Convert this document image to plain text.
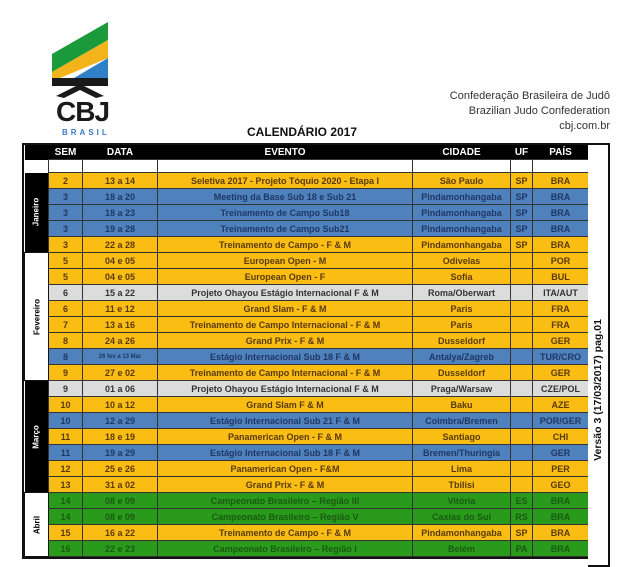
CBJ
BRASIL
Confederação Brasileira de Judô
Brazilian Judo Confederation
cbj.com.br
CALENDÁRIO 2017
	SEM	DATA	EVENTO	CIDADE	UF	PAÍS

Janeiro	2	13 a 14	Seletiva 2017 - Projeto Tóquio 2020 - Etapa I	São Paulo	SP	BRA
	3	18 a 20	Meeting da Base Sub 18 e Sub 21	Pindamonhangaba	SP	BRA
	3	18 a 23	Treinamento de Campo Sub18	Pindamonhangaba	SP	BRA
	3	19 a 28	Treinamento de Campo Sub21	Pindamonhangaba	SP	BRA
	3	22 a 28	Treinamento de Campo - F & M	Pindamonhangaba	SP	BRA

Fevereiro	5	04 e 05	European Open - M	Odivelas		POR
	5	04 e 05	European Open - F	Sofia		BUL
	6	15 a 22	Projeto Ohayou Estágio Internacional F & M	Roma/Oberwart		ITA/AUT
	6	11 e 12	Grand Slam - F & M	Paris		FRA
	7	13 a 16	Treinamento de Campo Internacional - F & M	Paris		FRA
	8	24 a 26	Grand Prix - F & M	Dusseldorf		GER
	8	26 fev a 13 Mar	Estágio Internacional Sub 18 F & M	Antalya/Zagreb		TUR/CRO
	9	27 e 02	Treinamento de Campo Internacional - F & M	Dusseldorf		GER

Março	9	01 a 06	Projeto Ohayou Estágio Internacional F & M	Praga/Warsaw		CZE/POL
	10	10 a 12	Grand Slam F & M	Baku		AZE
	10	12 a 29	Estágio Internacional Sub 21 F & M	Coimbra/Bremen		POR/GER
	11	18 e 19	Panamerican Open - F & M	Santiago		CHI
	11	19 a 29	Estágio Internacional Sub 18 F & M	Bremen/Thuringia		GER
	12	25 e 26	Panamerican Open - F&M	Lima		PER
	13	31 a 02	Grand Prix - F & M	Tbilisi		GEO

Abril	14	08 e 09	Campeonato Brasileiro – Região III	Vitória	ES	BRA
	14	08 e 09	Campeonato Brasileiro – Região V	Caxias do Sul	RS	BRA
	15	16 a 22	Treinamento de Campo - F & M	Pindamonhangaba	SP	BRA
	16	22 e 23	Campeonato Brasileiro – Região I	Belém	PA	BRA
Versão 3 (17/03/2017) pag.01
